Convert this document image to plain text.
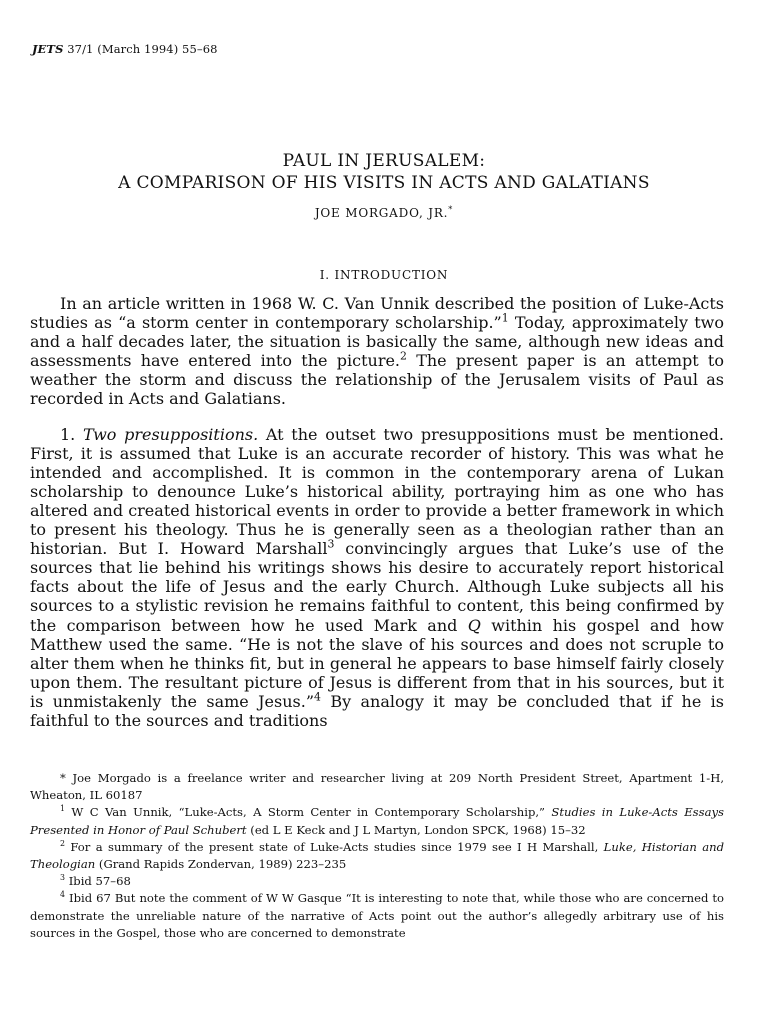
JETS 37/1 (March 1994) 55–68
PAUL IN JERUSALEM:
A COMPARISON OF HIS VISITS IN ACTS AND GALATIANS
JOE MORGADO, JR.*
I. INTRODUCTION

In an article written in 1968 W. C. Van Unnik described the position of Luke-Acts studies as “a storm center in contemporary scholarship.”$^1$ Today, approximately two and a half decades later, the situation is basically the same, although new ideas and assessments have entered into the picture.$^2$ The present paper is an attempt to weather the storm and discuss the relationship of the Jerusalem visits of Paul as recorded in Acts and Galatians.

1. Two presuppositions. At the outset two presuppositions must be mentioned. First, it is assumed that Luke is an accurate recorder of history. This was what he intended and accomplished. It is common in the contemporary arena of Lukan scholarship to denounce Luke’s historical ability, portraying him as one who has altered and created historical events in order to provide a better framework in which to present his theology. Thus he is generally seen as a theologian rather than an historian. But I. Howard Marshall$^3$ convincingly argues that Luke’s use of the sources that lie behind his writings shows his desire to accurately report historical facts about the life of Jesus and the early Church. Although Luke subjects all his sources to a stylistic revision he remains faithful to content, this being confirmed by the comparison between how he used Mark and Q within his gospel and how Matthew used the same. “He is not the slave of his sources and does not scruple to alter them when he thinks fit, but in general he appears to base himself fairly closely upon them. The resultant picture of Jesus is different from that in his sources, but it is unmistakenly the same Jesus.”$^4$ By analogy it may be concluded that if he is faithful to the sources and traditions

* Joe Morgado is a freelance writer and researcher living at 209 North President Street, Apartment 1-H, Wheaton, IL 60187

$^1$ W C Van Unnik, “Luke-Acts, A Storm Center in Contemporary Scholarship,” Studies in Luke-Acts Essays Presented in Honor of Paul Schubert (ed L E Keck and J L Martyn, London SPCK, 1968) 15–32

$^2$ For a summary of the present state of Luke-Acts studies since 1979 see I H Marshall, Luke, Historian and Theologian (Grand Rapids Zondervan, 1989) 223–235

$^3$ Ibid 57–68

$^4$ Ibid 67 But note the comment of W W Gasque “It is interesting to note that, while those who are concerned to demonstrate the unreliable nature of the narrative of Acts point out the author’s allegedly arbitrary use of his sources in the Gospel, those who are concerned to demonstrate
